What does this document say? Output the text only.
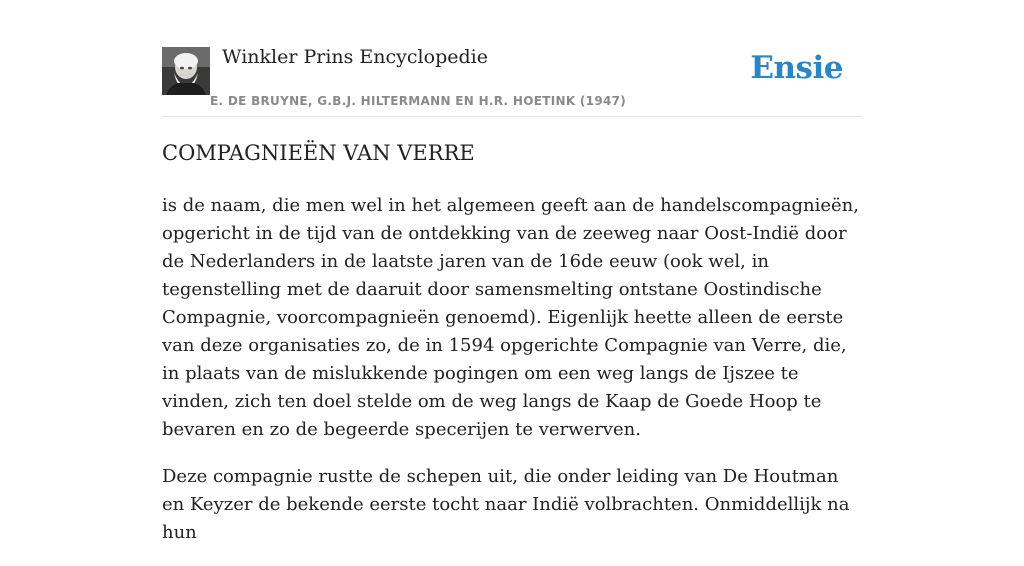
Winkler Prins Encyclopedie
E. DE BRUYNE, G.B.J. HILTERMANN EN H.R. HOETINK (1947)
Ensie
COMPAGNIEËN VAN VERRE

is de naam, die men wel in het algemeen geeft aan de handelscompagnieën, opgericht in de tijd van de ontdekking van de zeeweg naar Oost-Indië door de Nederlanders in de laatste jaren van de 16de eeuw (ook wel, in tegenstelling met de daaruit door samensmelting ontstane Oostindische Compagnie, voorcompagnieën genoemd). Eigenlijk heette alleen de eerste van deze organisaties zo, de in 1594 opgerichte Compagnie van Verre, die, in plaats van de mislukkende pogingen om een weg langs de Ijszee te vinden, zich ten doel stelde om de weg langs de Kaap de Goede Hoop te bevaren en zo de begeerde specerijen te verwerven.

Deze compagnie rustte de schepen uit, die onder leiding van De Houtman en Keyzer de bekende eerste tocht naar Indië volbrachten. Onmiddellijk na hun
